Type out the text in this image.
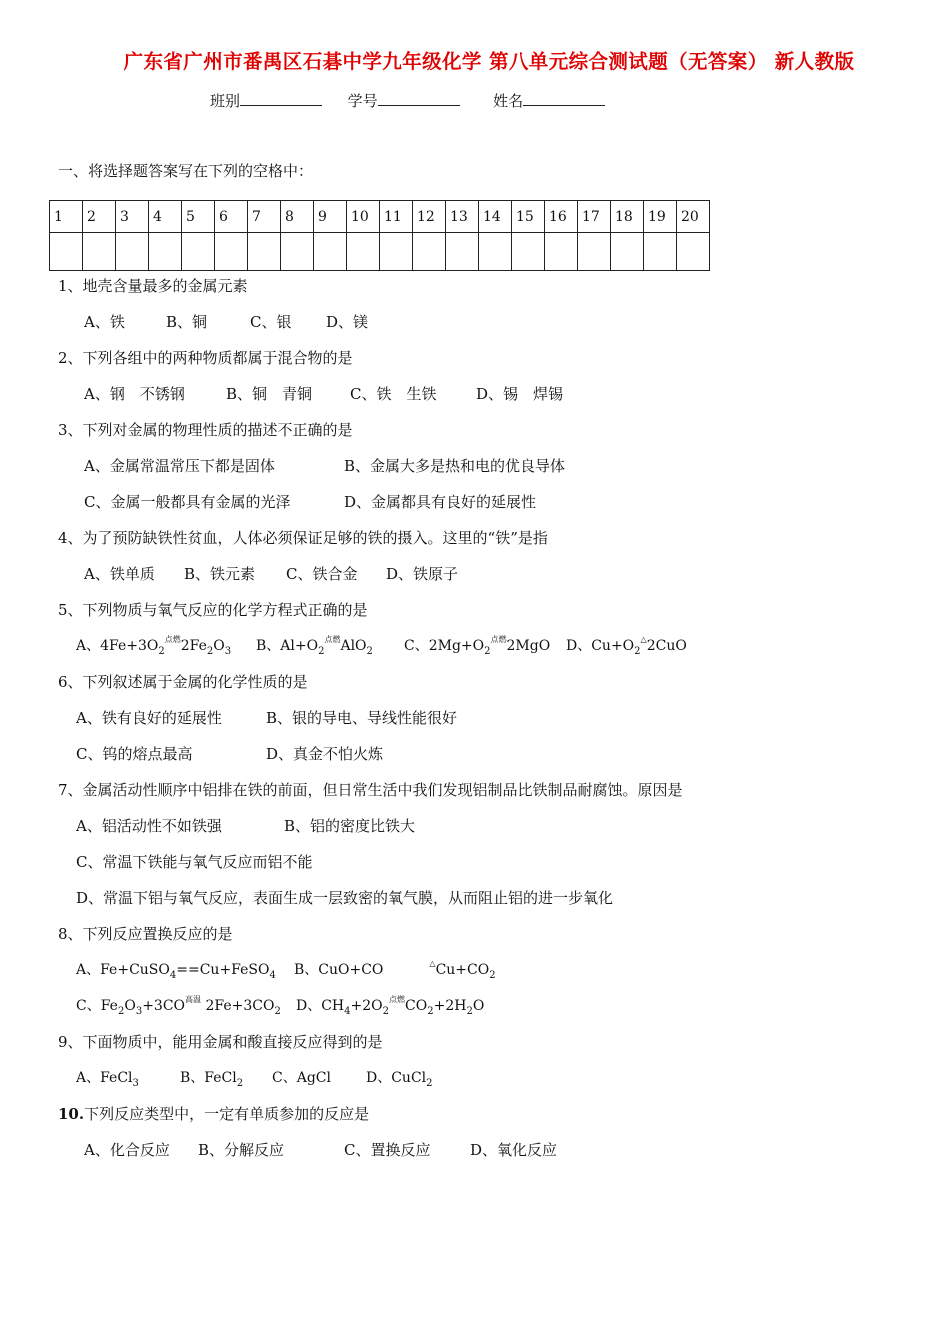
广东省广州市番禺区石碁中学九年级化学 第八单元综合测试题（无答案） 新人教版
班别	学号	姓名
一、将选择题答案写在下列的空格中：
1	2	3	4	5	6	7	8	9	10	11	12	13	14	15	16	17	18	19	20

1、地壳含量最多的金属元素
A、铁	B、铜	C、银 D、镁
2、下列各组中的两种物质都属于混合物的是
A、钢　不锈钢	B、铜　青铜	C、铁　生铁	D、锡　焊锡
3、下列对金属的物理性质的描述不正确的是
A、金属常温常压下都是固体	B、金属大多是热和电的优良导体
C、金属一般都具有金属的光泽	D、金属都具有良好的延展性
4、为了预防缺铁性贫血，人体必须保证足够的铁的摄入。这里的“铁”是指
A、铁单质 B、铁元素 C、铁合金 D、铁原子
5、下列物质与氧气反应的化学方程式正确的是
A、$4Fe+3O_2^{点燃}2Fe_2O_3$ B、$Al+O_2^{点燃}AlO_2$ C、$2Mg+O_2^{点燃}2MgO$ D、$Cu+O_2^\triangle 2CuO$
6、下列叙述属于金属的化学性质的是
A、铁有良好的延展性	B、银的导电、导线性能很好
C、钨的熔点最高	D、真金不怕火炼
7、金属活动性顺序中铝排在铁的前面，但日常生活中我们发现铝制品比铁制品耐腐蚀。原因是
A、铝活动性不如铁强	B、铝的密度比铁大
C、常温下铁能与氧气反应而铝不能
D、常温下铝与氧气反应，表面生成一层致密的氧气膜，从而阻止铝的进一步氧化
8、下列反应置换反应的是
A、Fe+CuSO$_4$==Cu+FeSO$_4$ B、CuO+CO	$^\triangle Cu+CO_2$
C、$Fe_2O_3+3CO^{高温}$ $2Fe+3CO_2$ D、$CH_4+2O_2^{点燃}CO_2+2H_2O$
9、下面物质中，能用金属和酸直接反应得到的是
A、FeCl$_3$	B、FeCl$_2$ C、AgCl	D、CuCl$_2$
10.下列反应类型中，一定有单质参加的反应是
A、化合反应 B、分解反应	C、置换反应	D、氧化反应
